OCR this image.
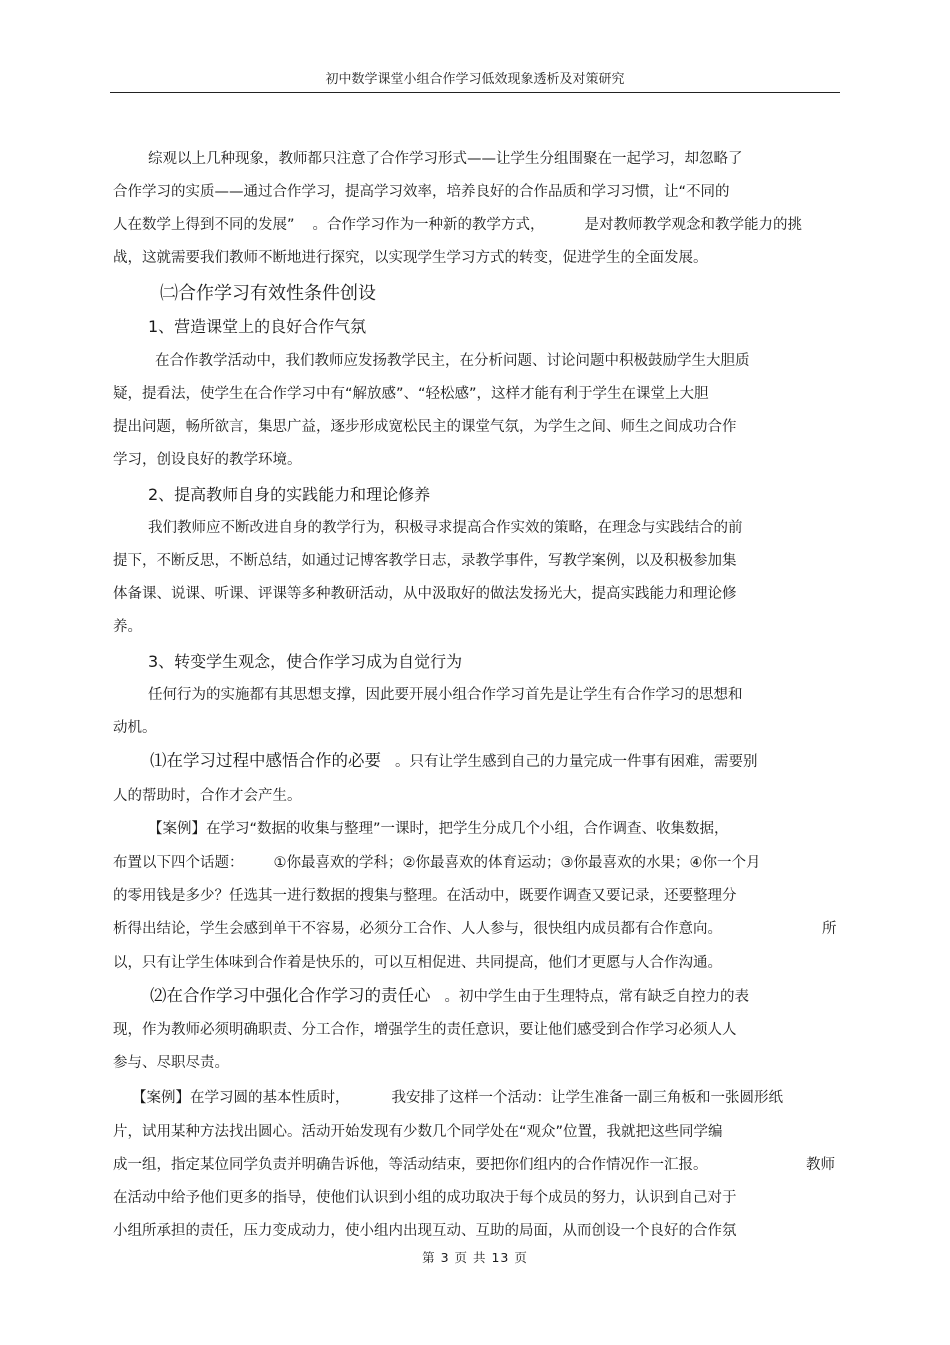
初中数学课堂小组合作学习低效现象透析及对策研究
综观以上几种现象，教师都只注意了合作学习形式——让学生分组围聚在一起学习，却忽略了
合作学习的实质——通过合作学习，提高学习效率，培养良好的合作品质和学习习惯，让“不同的
人在数学上得到不同的发展” 。合作学习作为一种新的教学方式，	是对教师教学观念和教学能力的挑
战，这就需要我们教师不断地进行探究，以实现学生学习方式的转变，促进学生的全面发展。
㈡合作学习有效性条件创设
1、营造课堂上的良好合作气氛
在合作教学活动中，我们教师应发扬教学民主，在分析问题、讨论问题中积极鼓励学生大胆质
疑，提看法，使学生在合作学习中有“解放感”、“轻松感”，这样才能有利于学生在课堂上大胆
提出问题，畅所欲言，集思广益，逐步形成宽松民主的课堂气氛，为学生之间、师生之间成功合作
学习，创设良好的教学环境。
2、提高教师自身的实践能力和理论修养
我们教师应不断改进自身的教学行为，积极寻求提高合作实效的策略，在理念与实践结合的前
提下，不断反思，不断总结，如通过记博客教学日志，录教学事件，写教学案例，以及积极参加集
体备课、说课、听课、评课等多种教研活动，从中汲取好的做法发扬光大，提高实践能力和理论修
养。
3、转变学生观念，使合作学习成为自觉行为
任何行为的实施都有其思想支撑，因此要开展小组合作学习首先是让学生有合作学习的思想和
动机。
⑴在学习过程中感悟合作的必要 。只有让学生感到自己的力量完成一件事有困难，需要别
人的帮助时，合作才会产生。
【案例】在学习“数据的收集与整理”一课时，把学生分成几个小组，合作调查、收集数据，
布置以下四个话题： ①你最喜欢的学科；②你最喜欢的体育运动；③你最喜欢的水果；④你一个月
的零用钱是多少？任选其一进行数据的搜集与整理。在活动中，既要作调查又要记录，还要整理分
析得出结论，学生会感到单干不容易，必须分工合作、人人参与，很快组内成员都有合作意向。	所
以，只有让学生体味到合作着是快乐的，可以互相促进、共同提高，他们才更愿与人合作沟通。
⑵在合作学习中强化合作学习的责任心 。初中学生由于生理特点，常有缺乏自控力的表
现，作为教师必须明确职责、分工合作，增强学生的责任意识，要让他们感受到合作学习必须人人
参与、尽职尽责。
【案例】在学习圆的基本性质时，	我安排了这样一个活动：让学生准备一副三角板和一张圆形纸
片，试用某种方法找出圆心。活动开始发现有少数几个同学处在“观众”位置，我就把这些同学编
成一组，指定某位同学负责并明确告诉他，等活动结束，要把你们组内的合作情况作一汇报。	教师
在活动中给予他们更多的指导，使他们认识到小组的成功取决于每个成员的努力，认识到自己对于
小组所承担的责任，压力变成动力，使小组内出现互动、互助的局面，从而创设一个良好的合作氛
第 3 页 共 13 页
